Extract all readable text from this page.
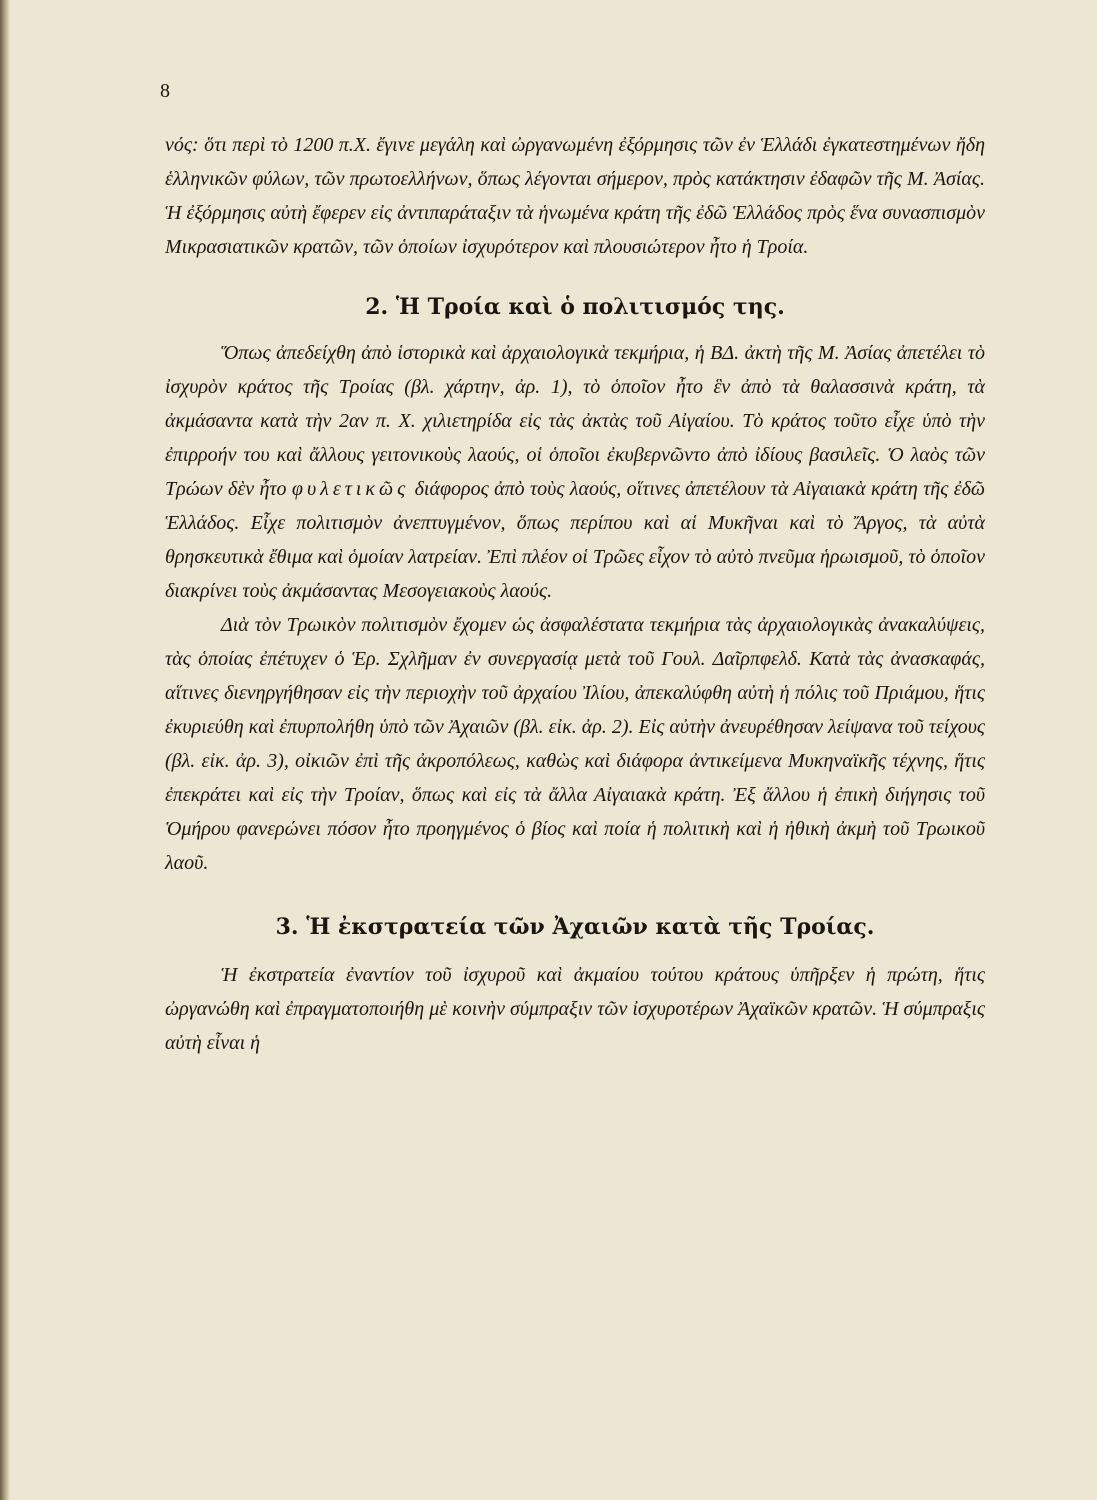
8

νός: ὅτι περὶ τὸ 1200 π.Χ. ἔγινε μεγάλη καὶ ὠργανωμένη ἐξόρμησις τῶν ἐν Ἑλλάδι ἐγκατεστημένων ἤδη ἑλληνικῶν φύλων, τῶν πρωτοελλήνων, ὅπως λέγονται σήμερον, πρὸς κατάκτησιν ἐδαφῶν τῆς Μ. Ἀσίας. Ἡ ἐξόρμησις αὐτὴ ἔφερεν εἰς ἀντιπαράταξιν τὰ ἡνωμένα κράτη τῆς ἐδῶ Ἑλλάδος πρὸς ἕνα συνασπισμὸν Μικρασιατικῶν κρατῶν, τῶν ὁποίων ἰσχυρότερον καὶ πλουσιώτερον ἦτο ἡ Τροία.

2. Ἡ Τροία καὶ ὁ πολιτισμός της.

Ὅπως ἀπεδείχθη ἀπὸ ἱστορικὰ καὶ ἀρχαιολογικὰ τεκμήρια, ἡ ΒΔ. ἀκτὴ τῆς Μ. Ἀσίας ἀπετέλει τὸ ἰσχυρὸν κράτος τῆς Τροίας (βλ. χάρτην, ἀρ. 1), τὸ ὁποῖον ἦτο ἓν ἀπὸ τὰ θαλασσινὰ κράτη, τὰ ἀκμάσαντα κατὰ τὴν 2αν π. Χ. χιλιετηρίδα εἰς τὰς ἀκτὰς τοῦ Αἰγαίου. Τὸ κράτος τοῦτο εἶχε ὑπὸ τὴν ἐπιρροήν του καὶ ἄλλους γειτονικοὺς λαούς, οἱ ὁποῖοι ἐκυβερνῶντο ἀπὸ ἰδίους βασιλεῖς. Ὁ λαὸς τῶν Τρώων δὲν ἦτο φυλετικῶς διάφορος ἀπὸ τοὺς λαούς, οἵτινες ἀπετέλουν τὰ Αἰγαιακὰ κράτη τῆς ἐδῶ Ἑλλάδος. Εἶχε πολιτισμὸν ἀνεπτυγμένον, ὅπως περίπου καὶ αἱ Μυκῆναι καὶ τὸ Ἄργος, τὰ αὐτὰ θρησκευτικὰ ἔθιμα καὶ ὁμοίαν λατρείαν. Ἐπὶ πλέον οἱ Τρῶες εἶχον τὸ αὐτὸ πνεῦμα ἡρωισμοῦ, τὸ ὁποῖον διακρίνει τοὺς ἀκμάσαντας Μεσογειακοὺς λαούς.

Διὰ τὸν Τρωικὸν πολιτισμὸν ἔχομεν ὡς ἀσφαλέστατα τεκμήρια τὰς ἀρχαιολογικὰς ἀνακαλύψεις, τὰς ὁποίας ἐπέτυχεν ὁ Ἑρ. Σχλῆμαν ἐν συνεργασίᾳ μετὰ τοῦ Γουλ. Δαῖρπφελδ. Κατὰ τὰς ἀνασκαφάς, αἵτινες διενηργήθησαν εἰς τὴν περιοχὴν τοῦ ἀρχαίου Ἰλίου, ἀπεκαλύφθη αὐτὴ ἡ πόλις τοῦ Πριάμου, ἥτις ἐκυριεύθη καὶ ἐπυρπολήθη ὑπὸ τῶν Ἀχαιῶν (βλ. εἰκ. ἀρ. 2). Εἰς αὐτὴν ἀνευρέθησαν λείψανα τοῦ τείχους (βλ. εἰκ. ἀρ. 3), οἰκιῶν ἐπὶ τῆς ἀκροπόλεως, καθὼς καὶ διάφορα ἀντικείμενα Μυκηναϊκῆς τέχνης, ἥτις ἐπεκράτει καὶ εἰς τὴν Τροίαν, ὅπως καὶ εἰς τὰ ἄλλα Αἰγαιακὰ κράτη. Ἐξ ἄλλου ἡ ἐπικὴ διήγησις τοῦ Ὁμήρου φανερώνει πόσον ἦτο προηγμένος ὁ βίος καὶ ποία ἡ πολιτικὴ καὶ ἡ ἠθικὴ ἀκμὴ τοῦ Τρωικοῦ λαοῦ.

3. Ἡ ἐκστρατεία τῶν Ἀχαιῶν κατὰ τῆς Τροίας.

Ἡ ἐκστρατεία ἐναντίον τοῦ ἰσχυροῦ καὶ ἀκμαίου τούτου κράτους ὑπῆρξεν ἡ πρώτη, ἥτις ὠργανώθη καὶ ἐπραγματοποιήθη μὲ κοινὴν σύμπραξιν τῶν ἰσχυροτέρων Ἀχαϊκῶν κρατῶν. Ἡ σύμπραξις αὐτὴ εἶναι ἡ
